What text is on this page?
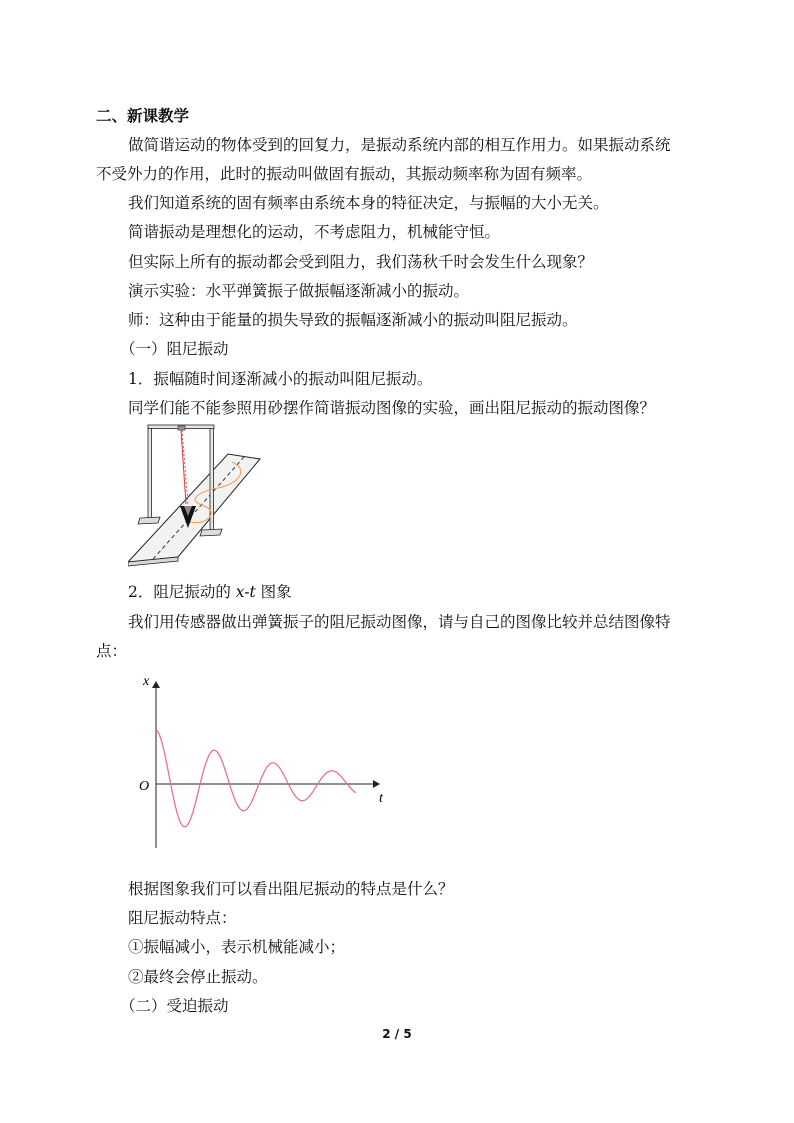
二、新课教学
做简谐运动的物体受到的回复力，是振动系统内部的相互作用力。如果振动系统
不受外力的作用，此时的振动叫做固有振动，其振动频率称为固有频率。
我们知道系统的固有频率由系统本身的特征决定，与振幅的大小无关。
简谐振动是理想化的运动，不考虑阻力，机械能守恒。
但实际上所有的振动都会受到阻力，我们荡秋千时会发生什么现象？
演示实验：水平弹簧振子做振幅逐渐减小的振动。
师：这种由于能量的损失导致的振幅逐渐减小的振动叫阻尼振动。
（一）阻尼振动
1．振幅随时间逐渐减小的振动叫阻尼振动。
同学们能不能参照用砂摆作简谐振动图像的实验，画出阻尼振动的振动图像？
2．阻尼振动的 x-t 图象
我们用传感器做出弹簧振子的阻尼振动图像，请与自己的图像比较并总结图像特
点：
x
t
O
根据图象我们可以看出阻尼振动的特点是什么？
阻尼振动特点：
①振幅减小，表示机械能减小；
②最终会停止振动。
（二）受迫振动
2 / 5
